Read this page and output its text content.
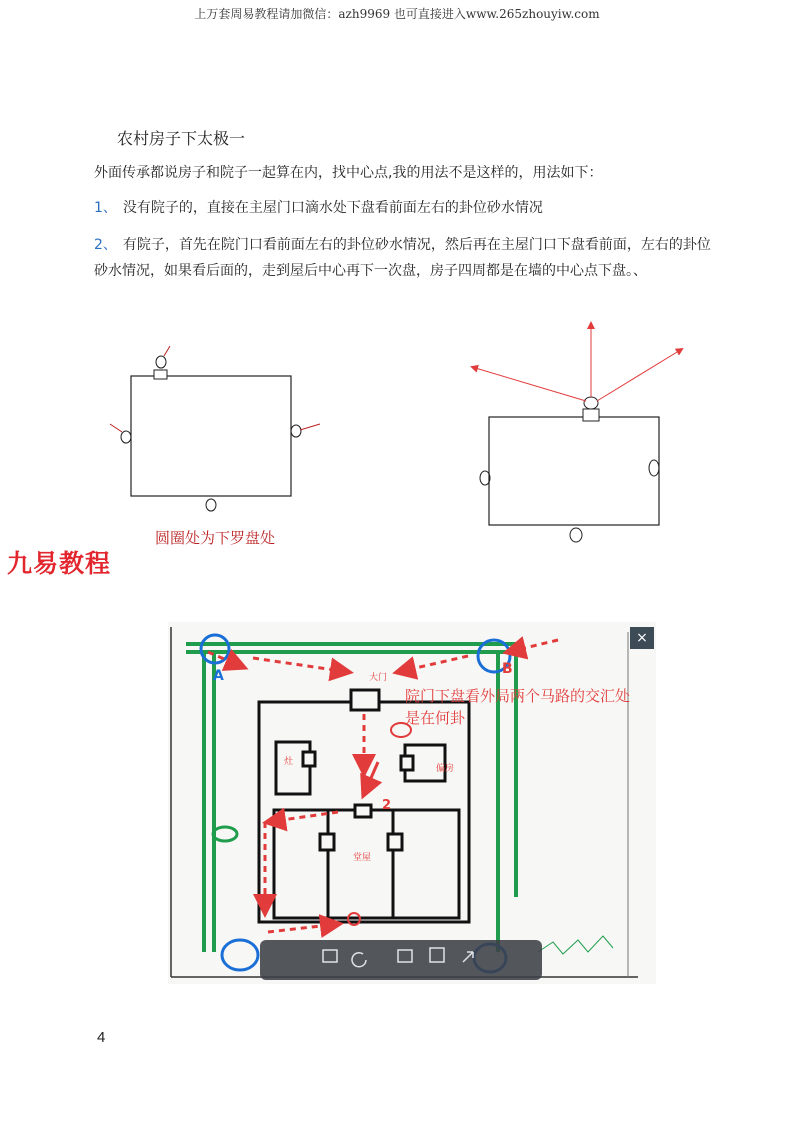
上万套周易教程请加微信：azh9969 也可直接进入www.265zhouyiw.com
农村房子下太极一
外面传承都说房子和院子一起算在内，找中心点,我的用法不是这样的，用法如下：
1、 没有院子的，直接在主屋门口滴水处下盘看前面左右的卦位砂水情况
2、 有院子，首先在院门口看前面左右的卦位砂水情况，然后再在主屋门口下盘看前面，左右的卦位砂水情况，如果看后面的，走到屋后中心再下一次盘，房子四周都是在墙的中心点下盘。、
圆圈处为下罗盘处
九易教程
院门下盘看外局两个马路的交汇处是在何卦
A	B
2
大门
灶
偏房
堂屋
×
4
